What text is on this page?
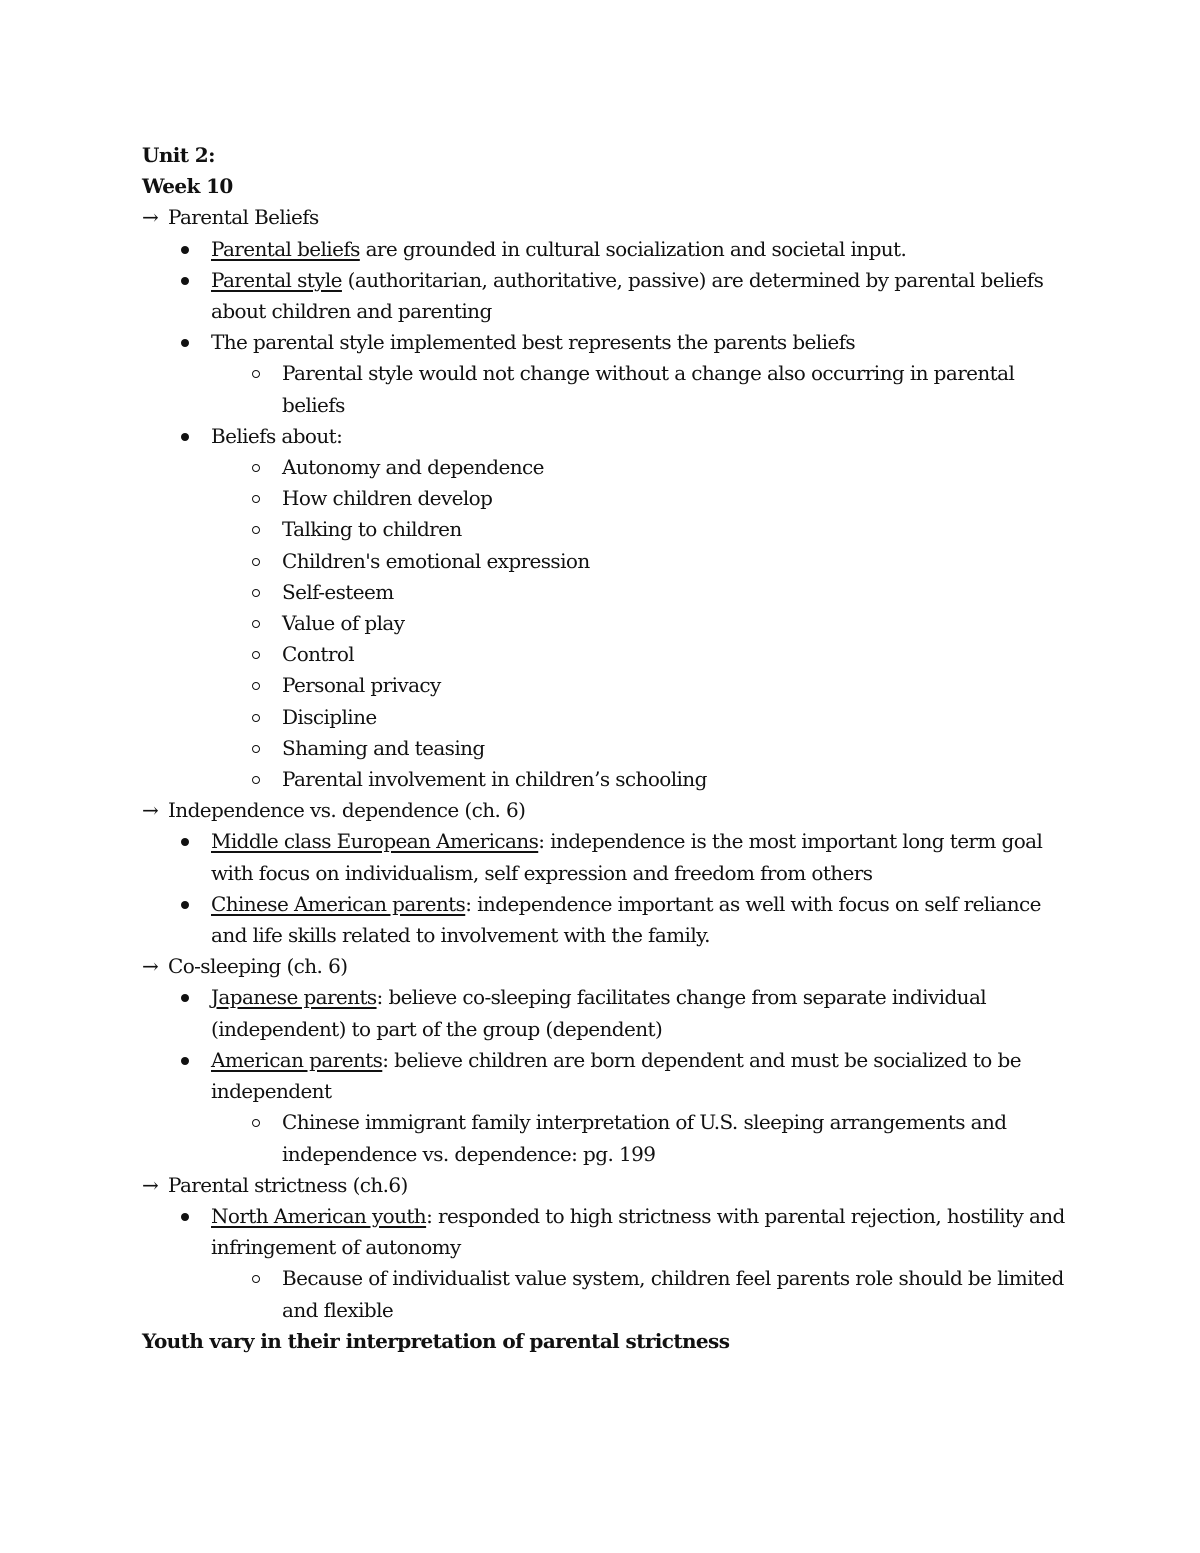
Unit 2:
Week 10
→ Parental Beliefs
Parental beliefs are grounded in cultural socialization and societal input.
Parental style (authoritarian, authoritative, passive) are determined by parental beliefs about children and parenting
The parental style implemented best represents the parents beliefs
Parental style would not change without a change also occurring in parental beliefs
Beliefs about:
Autonomy and dependence
How children develop
Talking to children
Children's emotional expression
Self-esteem
Value of play
Control
Personal privacy
Discipline
Shaming and teasing
Parental involvement in children’s schooling
→ Independence vs. dependence (ch. 6)
Middle class European Americans: independence is the most important long term goal with focus on individualism, self expression and freedom from others
Chinese American parents: independence important as well with focus on self reliance and life skills related to involvement with the family.
→ Co-sleeping (ch. 6)
Japanese parents: believe co-sleeping facilitates change from separate individual (independent) to part of the group (dependent)
American parents: believe children are born dependent and must be socialized to be independent
Chinese immigrant family interpretation of U.S. sleeping arrangements and independence vs. dependence: pg. 199
→ Parental strictness (ch.6)
North American youth: responded to high strictness with parental rejection, hostility and infringement of autonomy
Because of individualist value system, children feel parents role should be limited and flexible
Youth vary in their interpretation of parental strictness
